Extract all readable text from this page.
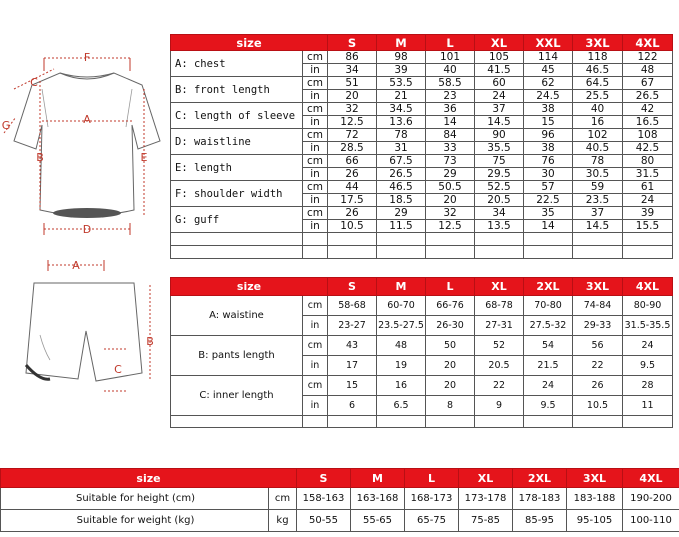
F
C
G	A
B	E
D
A
B
C
size		S	M	L	XL	XXL	3XL	4XL
A: chest	cm	86	98	101	105	114	118	122
	in	34	39	40	41.5	45	46.5	48
B: front length	cm	51	53.5	58.5	60	62	64.5	67
	in	20	21	23	24	24.5	25.5	26.5
C: length of sleeve	cm	32	34.5	36	37	38	40	42
	in	12.5	13.6	14	14.5	15	16	16.5
D: waistline	cm	72	78	84	90	96	102	108
	in	28.5	31	33	35.5	38	40.5	42.5
E: length	cm	66	67.5	73	75	76	78	80
	in	26	26.5	29	29.5	30	30.5	31.5
F: shoulder width	cm	44	46.5	50.5	52.5	57	59	61
	in	17.5	18.5	20	20.5	22.5	23.5	24
G: guff	cm	26	29	32	34	35	37	39
	in	10.5	11.5	12.5	13.5	14	14.5	15.5

size		S	M	L	XL	2XL	3XL	4XL
A: waistine	cm	58-68	60-70	66-76	68-78	70-80	74-84	80-90
	in	23-27	23.5-27.5	26-30	27-31	27.5-32	29-33	31.5-35.5
B: pants length	cm	43	48	50	52	54	56	24
	in	17	19	20	20.5	21.5	22	9.5
C: inner length	cm	15	16	20	22	24	26	28
	in	6	6.5	8	9	9.5	10.5	11

size		S	M	L	XL	2XL	3XL	4XL
Suitable for height (cm)	cm	158-163	163-168	168-173	173-178	178-183	183-188	190-200
Suitable for weight (kg)	kg	50-55	55-65	65-75	75-85	85-95	95-105	100-110
